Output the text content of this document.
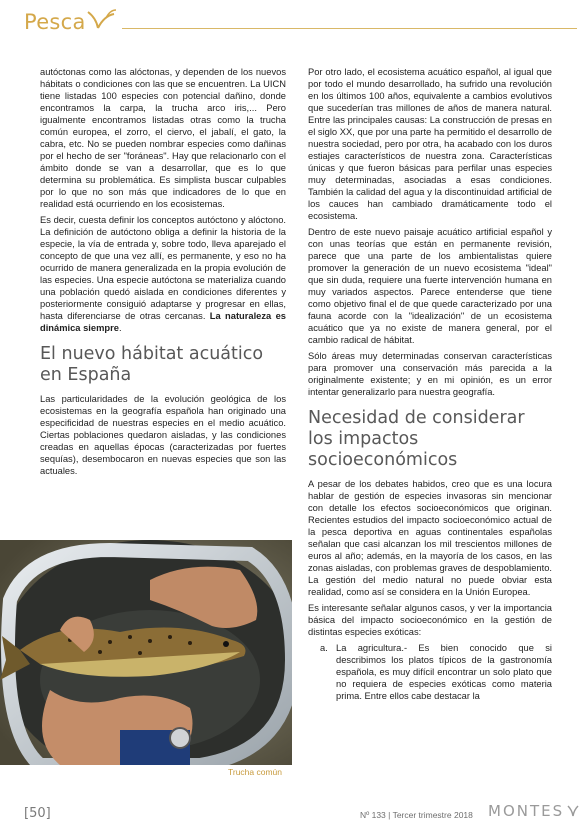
Pesca

autóctonas como las alóctonas, y dependen de los nuevos hábitats o condiciones con las que se encuentren. La UICN tiene listadas 100 especies con potencial dañino, donde encontramos la carpa, la trucha arco iris,... Pero igualmente encontramos listadas otras como la trucha común europea, el zorro, el ciervo, el jabalí, el gato, la cabra, etc. No se pueden nombrar especies como dañinas por el hecho de ser "foráneas". Hay que relacionarlo con el ámbito donde se van a desarrollar, que es lo que determina su problemática. Es simplista buscar culpables por lo que no son más que indicadores de lo que en realidad está ocurriendo en los ecosistemas.

Es decir, cuesta definir los conceptos autóctono y alóctono. La definición de autóctono obliga a definir la historia de la especie, la vía de entrada y, sobre todo, lleva aparejado el concepto de que una vez allí, es permanente, y eso no ha ocurrido de manera generalizada en la propia evolución de las especies. Una especie autóctona se materializa cuando una población quedó aislada en condiciones diferentes y posteriormente consiguió adaptarse y progresar en ellas, hasta diferenciarse de otras cercanas. La naturaleza es dinámica siempre.

El nuevo hábitat acuático en España

Las particularidades de la evolución geológica de los ecosistemas en la geografía española han originado una especificidad de nuestras especies en el medio acuático. Ciertas poblaciones quedaron aisladas, y las condiciones creadas en aquellas épocas (caracterizadas por fuertes sequías), desembocaron en nuevas especies que son las actuales.

Trucha común

Por otro lado, el ecosistema acuático español, al igual que por todo el mundo desarrollado, ha sufrido una revolución en los últimos 100 años, equivalente a cambios evolutivos que sucederían tras millones de años de manera natural. Entre las principales causas: La construcción de presas en el siglo XX, que por una parte ha permitido el desarrollo de nuestra sociedad, pero por otra, ha acabado con los duros estiajes característicos de nuestra zona. Características únicas y que fueron básicas para perfilar unas especies muy determinadas, asociadas a esas condiciones. También la calidad del agua y la discontinuidad artificial de los cauces han cambiado dramáticamente todo el ecosistema.

Dentro de este nuevo paisaje acuático artificial español y con unas teorías que están en permanente revisión, parece que una parte de los ambientalistas quiere promover la generación de un nuevo ecosistema "ideal" que sin duda, requiere una fuerte intervención humana en muy variados aspectos. Parece entenderse que tiene como objetivo final el de que quede caracterizado por una fauna acorde con la "idealización" de un ecosistema acuático que ya no existe de manera general, por el cambio radical de hábitat.

Sólo áreas muy determinadas conservan características para promover una conservación más parecida a la originalmente existente; y en mi opinión, es un error intentar generalizarlo para nuestra geografía.

Necesidad de considerar los impactos socioeconómicos

A pesar de los debates habidos, creo que es una locura hablar de gestión de especies invasoras sin mencionar con detalle los efectos socioeconómicos que originan. Recientes estudios del impacto socioeconómico actual de la pesca deportiva en aguas continentales españolas señalan que casi alcanzan los mil trescientos millones de euros al año; además, en la mayoría de los casos, en las zonas aisladas, con problemas graves de despoblamiento. La gestión del medio natural no puede obviar esta realidad, como así se considera en la Unión Europea.

Es interesante señalar algunos casos, y ver la importancia básica del impacto socioeconómico en la gestión de distintas especies exóticas:

a. La agricultura.- Es bien conocido que si describimos los platos típicos de la gastronomía española, es muy difícil encontrar un solo plato que no requiera de especies exóticas como materia prima. Entre ellos cabe destacar la

[50]	Nº 133 | Tercer trimestre 2018 MONTES
